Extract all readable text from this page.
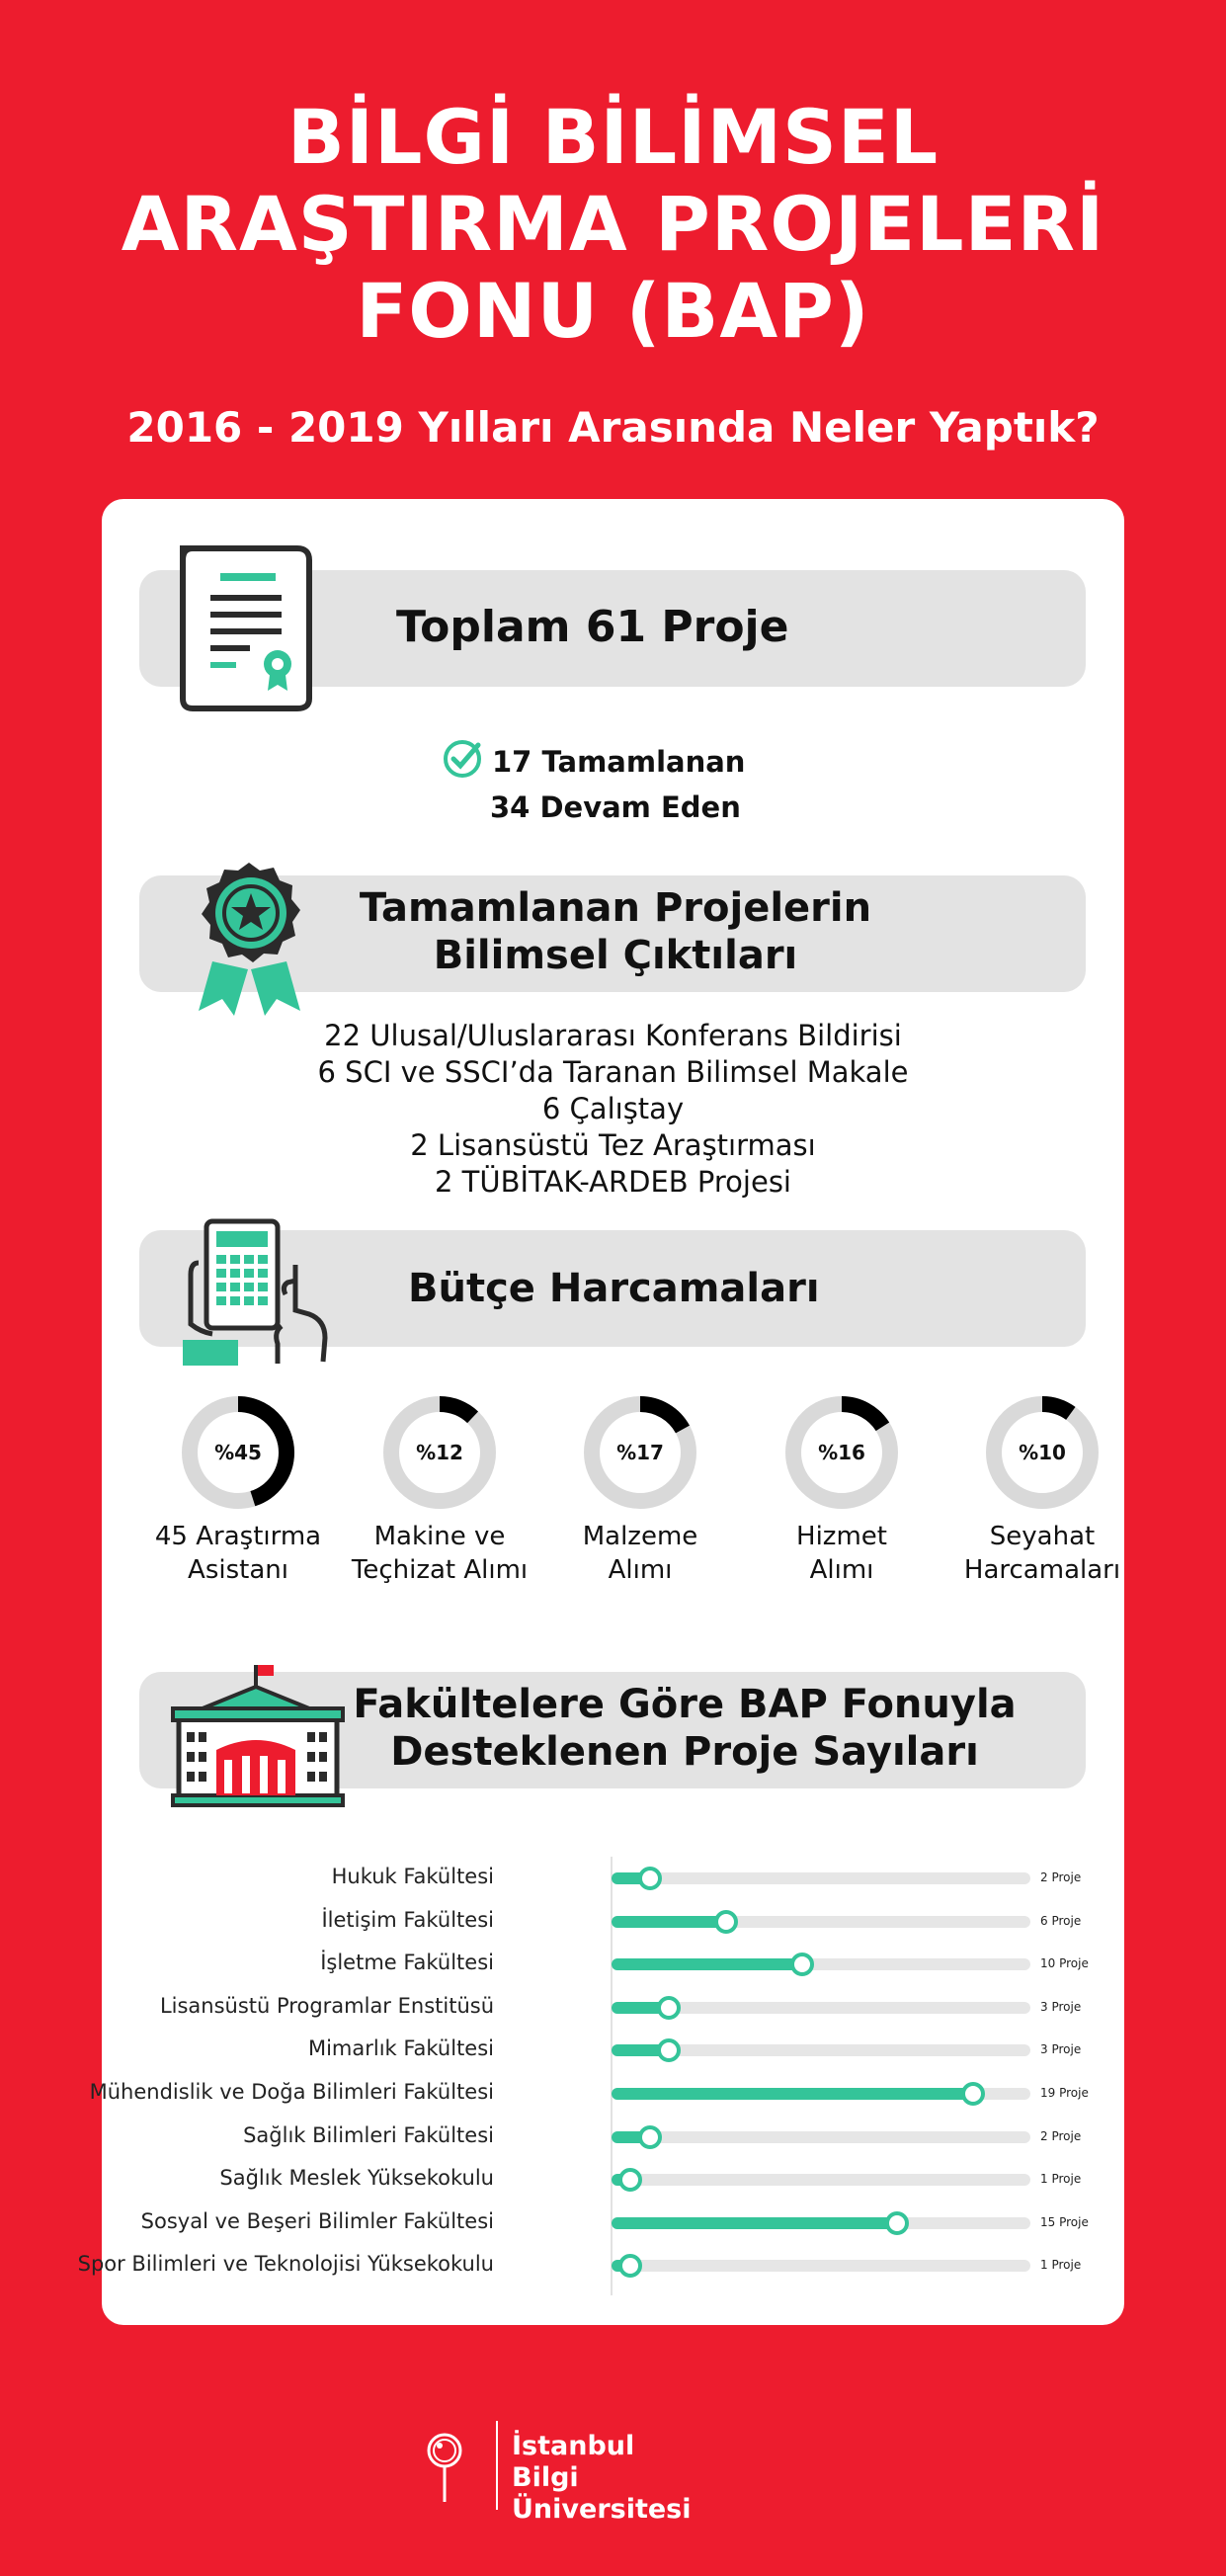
BİLGİ BİLİMSEL
ARAŞTIRMA PROJELERİ
FONU (BAP)
2016 - 2019 Yılları Arasında Neler Yaptık?
Toplam 61 Proje
17 Tamamlanan
34 Devam Eden
Tamamlanan Projelerin
Bilimsel Çıktıları
22 Ulusal/Uluslararası Konferans Bildirisi
6 SCI ve SSCI’da Taranan Bilimsel Makale
6 Çalıştay
2 Lisansüstü Tez Araştırması
2 TÜBİTAK-ARDEB Projesi
Bütçe Harcamaları
%45
45 Araştırma
Asistanı
%12
Makine ve
Teçhizat Alımı
%17
Malzeme
Alımı
%16
Hizmet
Alımı
%10
Seyahat
Harcamaları
Fakültelere Göre BAP Fonuyla
Desteklenen Proje Sayıları
Hukuk Fakültesi	2 Proje
İletişim Fakültesi	6 Proje
İşletme Fakültesi	10 Proje
Lisansüstü Programlar Enstitüsü	3 Proje
Mimarlık Fakültesi	3 Proje
Mühendislik ve Doğa Bilimleri Fakültesi	19 Proje
Sağlık Bilimleri Fakültesi	2 Proje
Sağlık Meslek Yüksekokulu	1 Proje
Sosyal ve Beşeri Bilimler Fakültesi	15 Proje
Spor Bilimleri ve Teknolojisi Yüksekokulu	1 Proje
İstanbul
Bilgi Üniversitesi
